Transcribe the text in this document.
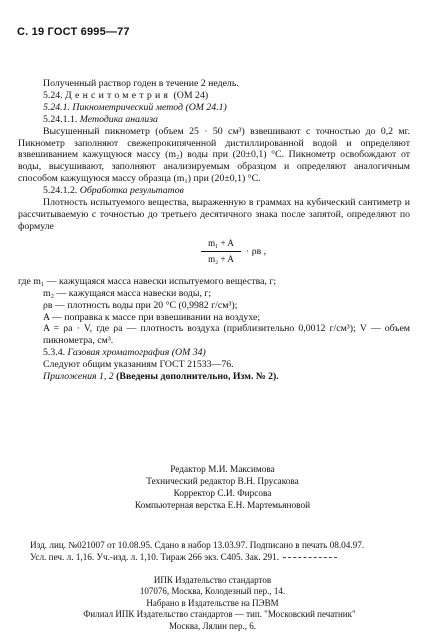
С. 19 ГОСТ 6995—77

Полученный раствор годен в течение 2 недель.

5.24. Денситометрия (ОМ 24)

5.24.1. Пикнометрический метод (ОМ 24.1)

5.24.1.1. Методика анализа

Высушенный пикнометр (объем 25 · 50 см³) взвешивают с точностью до 0,2 мг. Пикнометр заполняют свежепрокипяченной дистиллированной водой и определяют взвешиванием кажущуюся массу (m₂) воды при (20±0,1) °С. Пикнометр освобождают от воды, высушивают, заполняют анализируемым образцом и определяют аналогичным способом кажущуюся массу образца (m₁) при (20±0,1) °С.

5.24.1.2. Обработка результатов

Плотность испытуемого вещества, выраженную в граммах на кубический сантиметр и рассчитываемую с точностью до третьего десятичного знака после запятой, определяют по формуле

$\frac{\text{m₁ + A}}{\text{m₂ + A}} \cdot \rho в$ ,

где m₁ — кажущаяся масса навески испытуемого вещества, г;

m₂ — кажущаяся масса навески воды, г;

ρв — плотность воды при 20 °С (0,9982 г/см³);

A — поправка к массе при взвешивании на воздухе;

A = ρa · V, где ρa — плотность воздуха (приблизительно 0,0012 г/см³); V — объем пикнометра, см³.

5.3.4. Газовая хроматография (ОМ 34)

Следуют общим указаниям ГОСТ 21533—76.

Приложения 1, 2 (Введены дополнительно, Изм. № 2).

Редактор М.И. Максимова
Технический редактор В.Н. Прусакова
Корректор С.И. Фирсова
Компьютерная верстка Е.Н. Мартемьяновой
Изд. лиц. №021007 от 10.08.95. Сдано в набор 13.03.97. Подписано в печать 08.04.97.
Усл. печ. л. 1,16. Уч.-изд. л. 1,10. Тираж 266 экз. С405. Зак. 291.
ИПК Издательство стандартов
107076, Москва, Колодезный пер., 14.
Набрано в Издательстве на ПЭВМ
Филиал ИПК Издательство стандартов — тип. "Московский печатник"
Москва, Лялин пер., 6.
